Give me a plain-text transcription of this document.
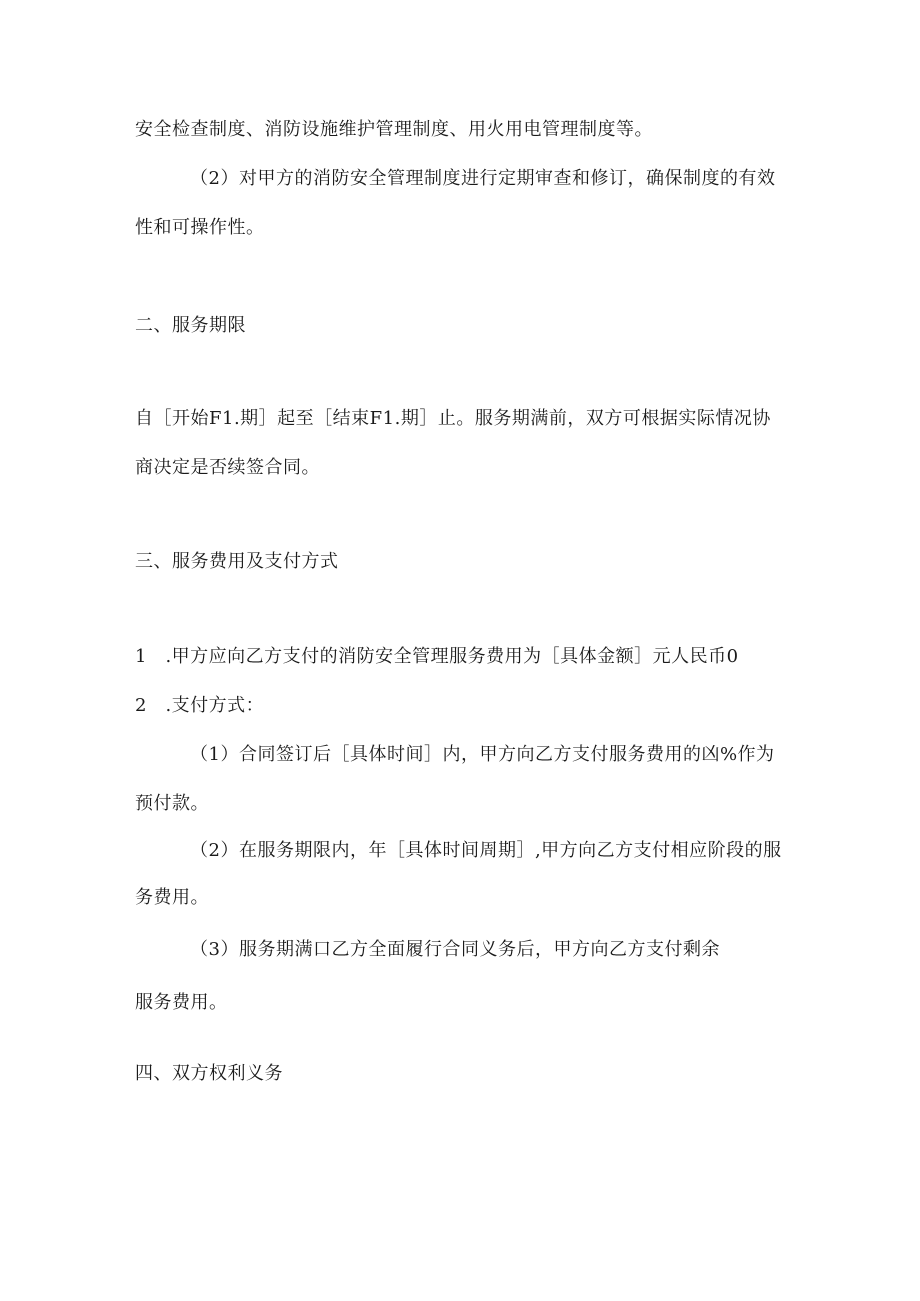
安全检查制度、消防设施维护管理制度、用火用电管理制度等。
（2）对甲方的消防安全管理制度进行定期审查和修订，确保制度的有效
性和可操作性。
二、服务期限
自［开始F1.期］起至［结束F1.期］止。服务期满前，双方可根据实际情况协
商决定是否续签合同。
三、服务费用及支付方式
1　.甲方应向乙方支付的消防安全管理服务费用为［具体金额］元人民币0
2　.支付方式：
（1）合同签订后［具体时间］内，甲方向乙方支付服务费用的凶%作为
预付款。
（2）在服务期限内，年［具体时间周期］,甲方向乙方支付相应阶段的服
务费用。
（3）服务期满口乙方全面履行合同义务后，甲方向乙方支付剩余
服务费用。
四、双方权利义务
